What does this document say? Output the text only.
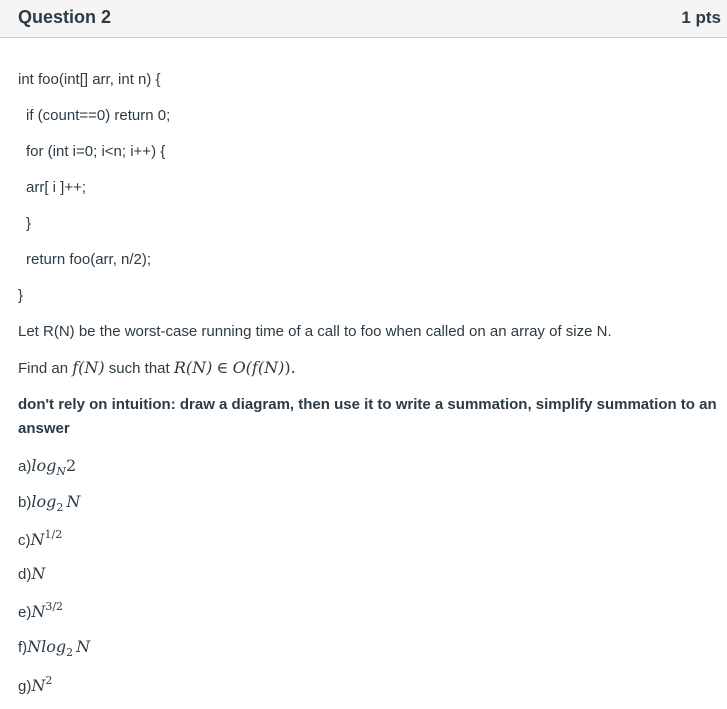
Question 2	1 pts
int foo(int[] arr, int n) {
if (count==0) return 0;
for (int i=0; i<n; i++) {
arr[ i ]++;
}
return foo(arr, n/2);
}
Let R(N) be the worst-case running time of a call to foo when called on an array of size N.
Find an f(N) such that R(N) ∈ O(f(N)).
don't rely on intuition: draw a diagram, then use it to write a summation, simplify summation to an
answer
$a)\log_N2$
$b)\log_2$ N
$c)N^{1/2}$
d)N
$e)N^{3/2}$
f)Nlog$_2$ N
$g)N^2$
